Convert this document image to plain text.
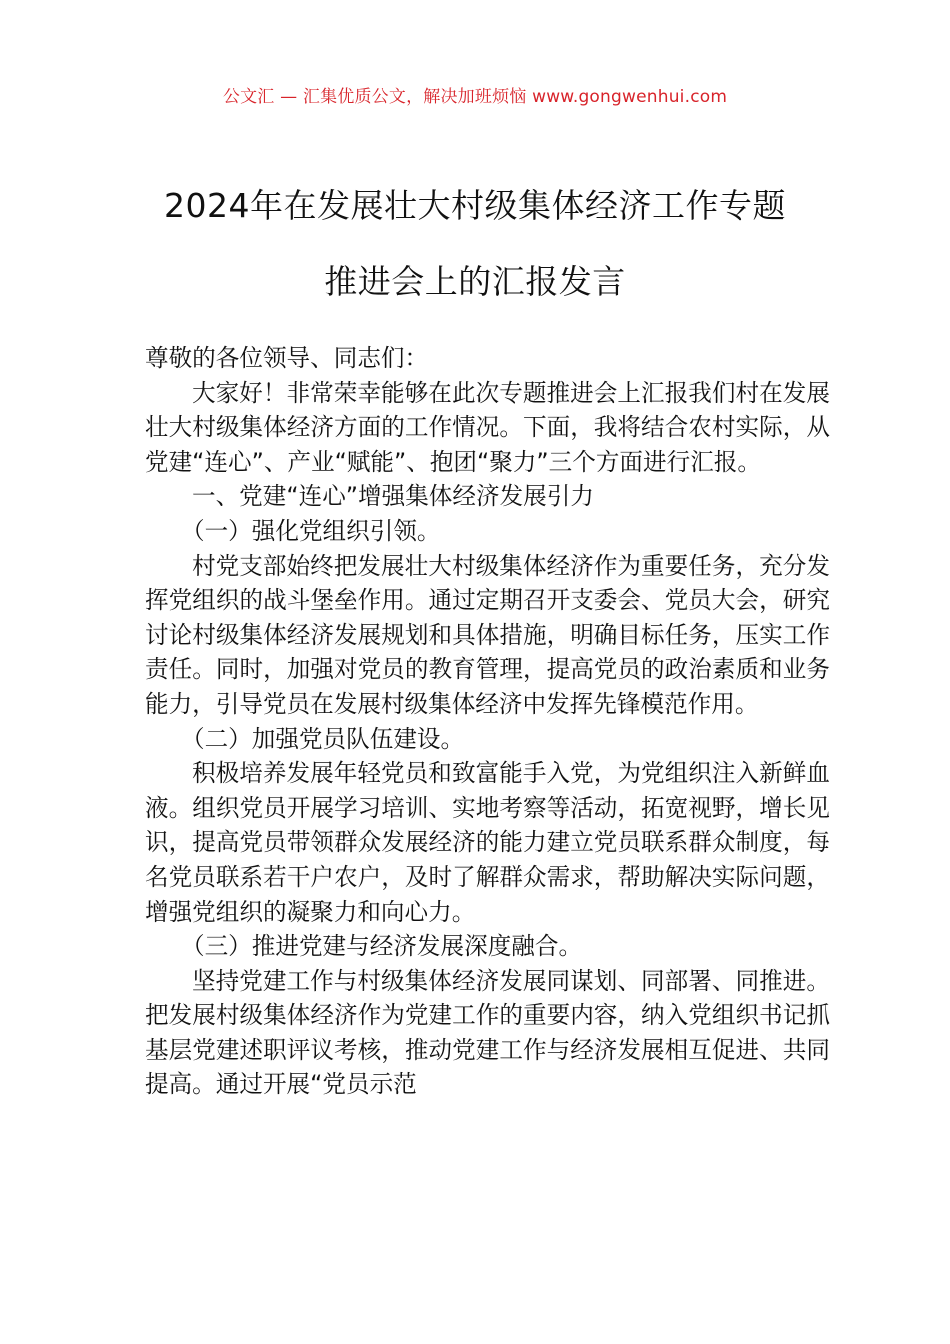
公文汇 — 汇集优质公文，解决加班烦恼 www.gongwenhui.com
2024年在发展壮大村级集体经济工作专题
推进会上的汇报发言

尊敬的各位领导、同志们：

大家好！非常荣幸能够在此次专题推进会上汇报我们村在发展壮大村级集体经济方面的工作情况。下面，我将结合农村实际，从党建“连心”、产业“赋能”、抱团“聚力”三个方面进行汇报。

一、党建“连心”增强集体经济发展引力

（一）强化党组织引领。

村党支部始终把发展壮大村级集体经济作为重要任务，充分发挥党组织的战斗堡垒作用。通过定期召开支委会、党员大会，研究讨论村级集体经济发展规划和具体措施，明确目标任务，压实工作责任。同时，加强对党员的教育管理，提高党员的政治素质和业务能力，引导党员在发展村级集体经济中发挥先锋模范作用。

（二）加强党员队伍建设。

积极培养发展年轻党员和致富能手入党，为党组织注入新鲜血液。组织党员开展学习培训、实地考察等活动，拓宽视野，增长见识，提高党员带领群众发展经济的能力建立党员联系群众制度，每名党员联系若干户农户，及时了解群众需求，帮助解决实际问题，增强党组织的凝聚力和向心力。

（三）推进党建与经济发展深度融合。

坚持党建工作与村级集体经济发展同谋划、同部署、同推进。把发展村级集体经济作为党建工作的重要内容，纳入党组织书记抓基层党建述职评议考核，推动党建工作与经济发展相互促进、共同提高。通过开展“党员示范
